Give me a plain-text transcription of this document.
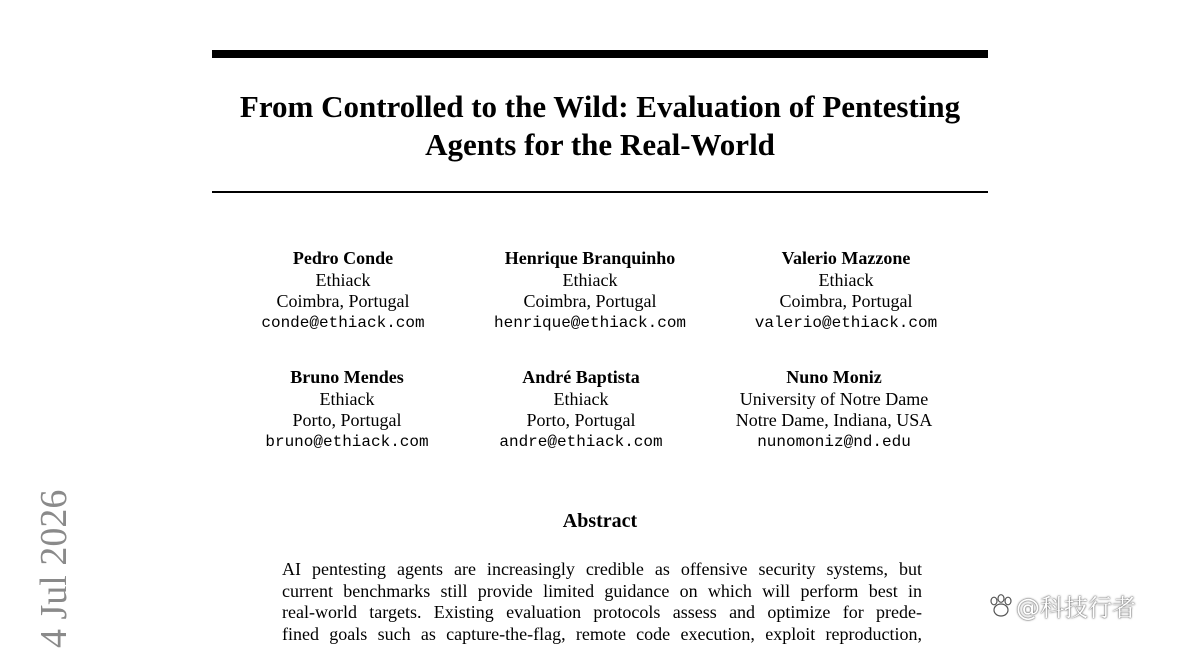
From Controlled to the Wild: Evaluation of Pentesting
Agents for the Real-World
Pedro Conde
Ethiack
Coimbra, Portugal
conde@ethiack.com
Henrique Branquinho
Ethiack
Coimbra, Portugal
henrique@ethiack.com
Valerio Mazzone
Ethiack
Coimbra, Portugal
valerio@ethiack.com
Bruno Mendes
Ethiack
Porto, Portugal
bruno@ethiack.com
André Baptista
Ethiack
Porto, Portugal
andre@ethiack.com
Nuno Moniz
University of Notre Dame
Notre Dame, Indiana, USA
nunomoniz@nd.edu
Abstract
AI pentesting agents are increasingly credible as offensive security systems, but
current benchmarks still provide limited guidance on which will perform best in
real-world targets. Existing evaluation protocols assess and optimize for prede-
fined goals such as capture-the-flag, remote code execution, exploit reproduction,
4 Jul 2026	@科技行者
